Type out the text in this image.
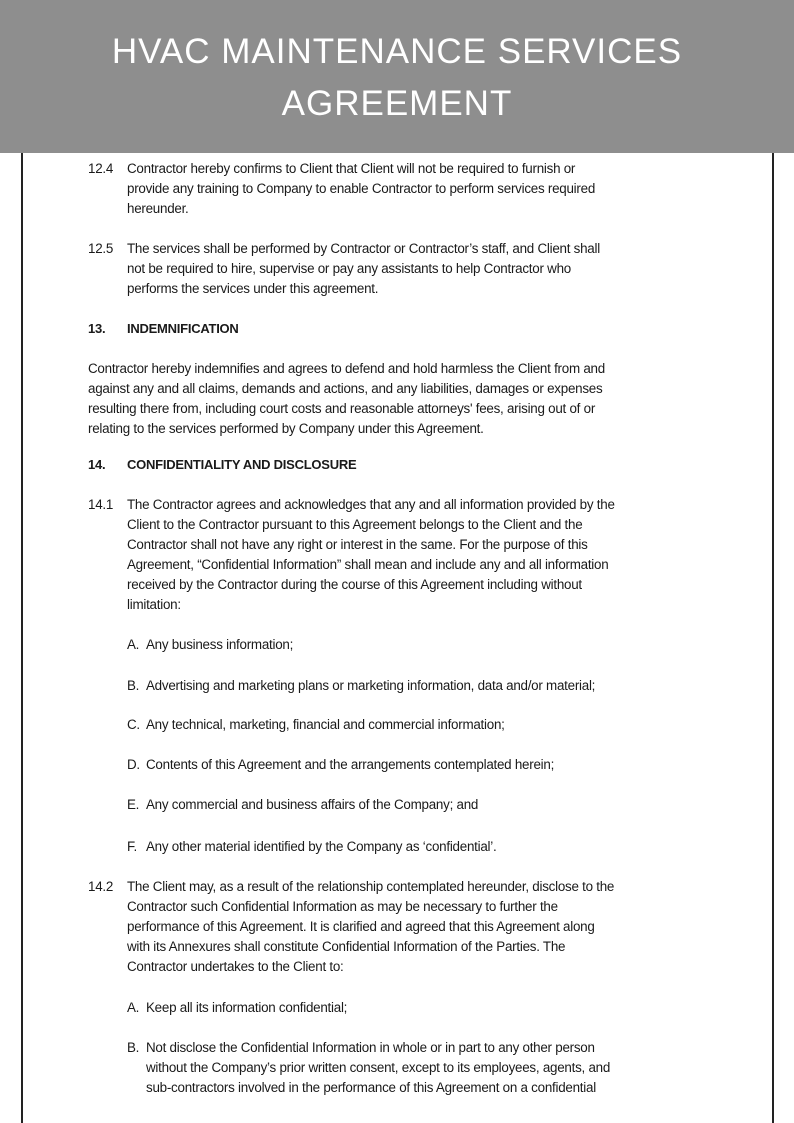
HVAC MAINTENANCE SERVICES
AGREEMENT
12.4 Contractor hereby confirms to Client that Client will not be required to furnish or
provide any training to Company to enable Contractor to perform services required
hereunder.
12.5 The services shall be performed by Contractor or Contractor’s staff, and Client shall
not be required to hire, supervise or pay any assistants to help Contractor who
performs the services under this agreement.
13. INDEMNIFICATION
Contractor hereby indemnifies and agrees to defend and hold harmless the Client from and
against any and all claims, demands and actions, and any liabilities, damages or expenses
resulting there from, including court costs and reasonable attorneys' fees, arising out of or
relating to the services performed by Company under this Agreement.
14. CONFIDENTIALITY AND DISCLOSURE
14.1 The Contractor agrees and acknowledges that any and all information provided by the
Client to the Contractor pursuant to this Agreement belongs to the Client and the
Contractor shall not have any right or interest in the same. For the purpose of this
Agreement, “Confidential Information” shall mean and include any and all information
received by the Contractor during the course of this Agreement including without
limitation:
A. Any business information;
B. Advertising and marketing plans or marketing information, data and/or material;
C. Any technical, marketing, financial and commercial information;
D. Contents of this Agreement and the arrangements contemplated herein;
E. Any commercial and business affairs of the Company; and
F. Any other material identified by the Company as ‘confidential’.
14.2 The Client may, as a result of the relationship contemplated hereunder, disclose to the
Contractor such Confidential Information as may be necessary to further the
performance of this Agreement. It is clarified and agreed that this Agreement along
with its Annexures shall constitute Confidential Information of the Parties. The
Contractor undertakes to the Client to:
A. Keep all its information confidential;
B. Not disclose the Confidential Information in whole or in part to any other person
without the Company’s prior written consent, except to its employees, agents, and
sub-contractors involved in the performance of this Agreement on a confidential
